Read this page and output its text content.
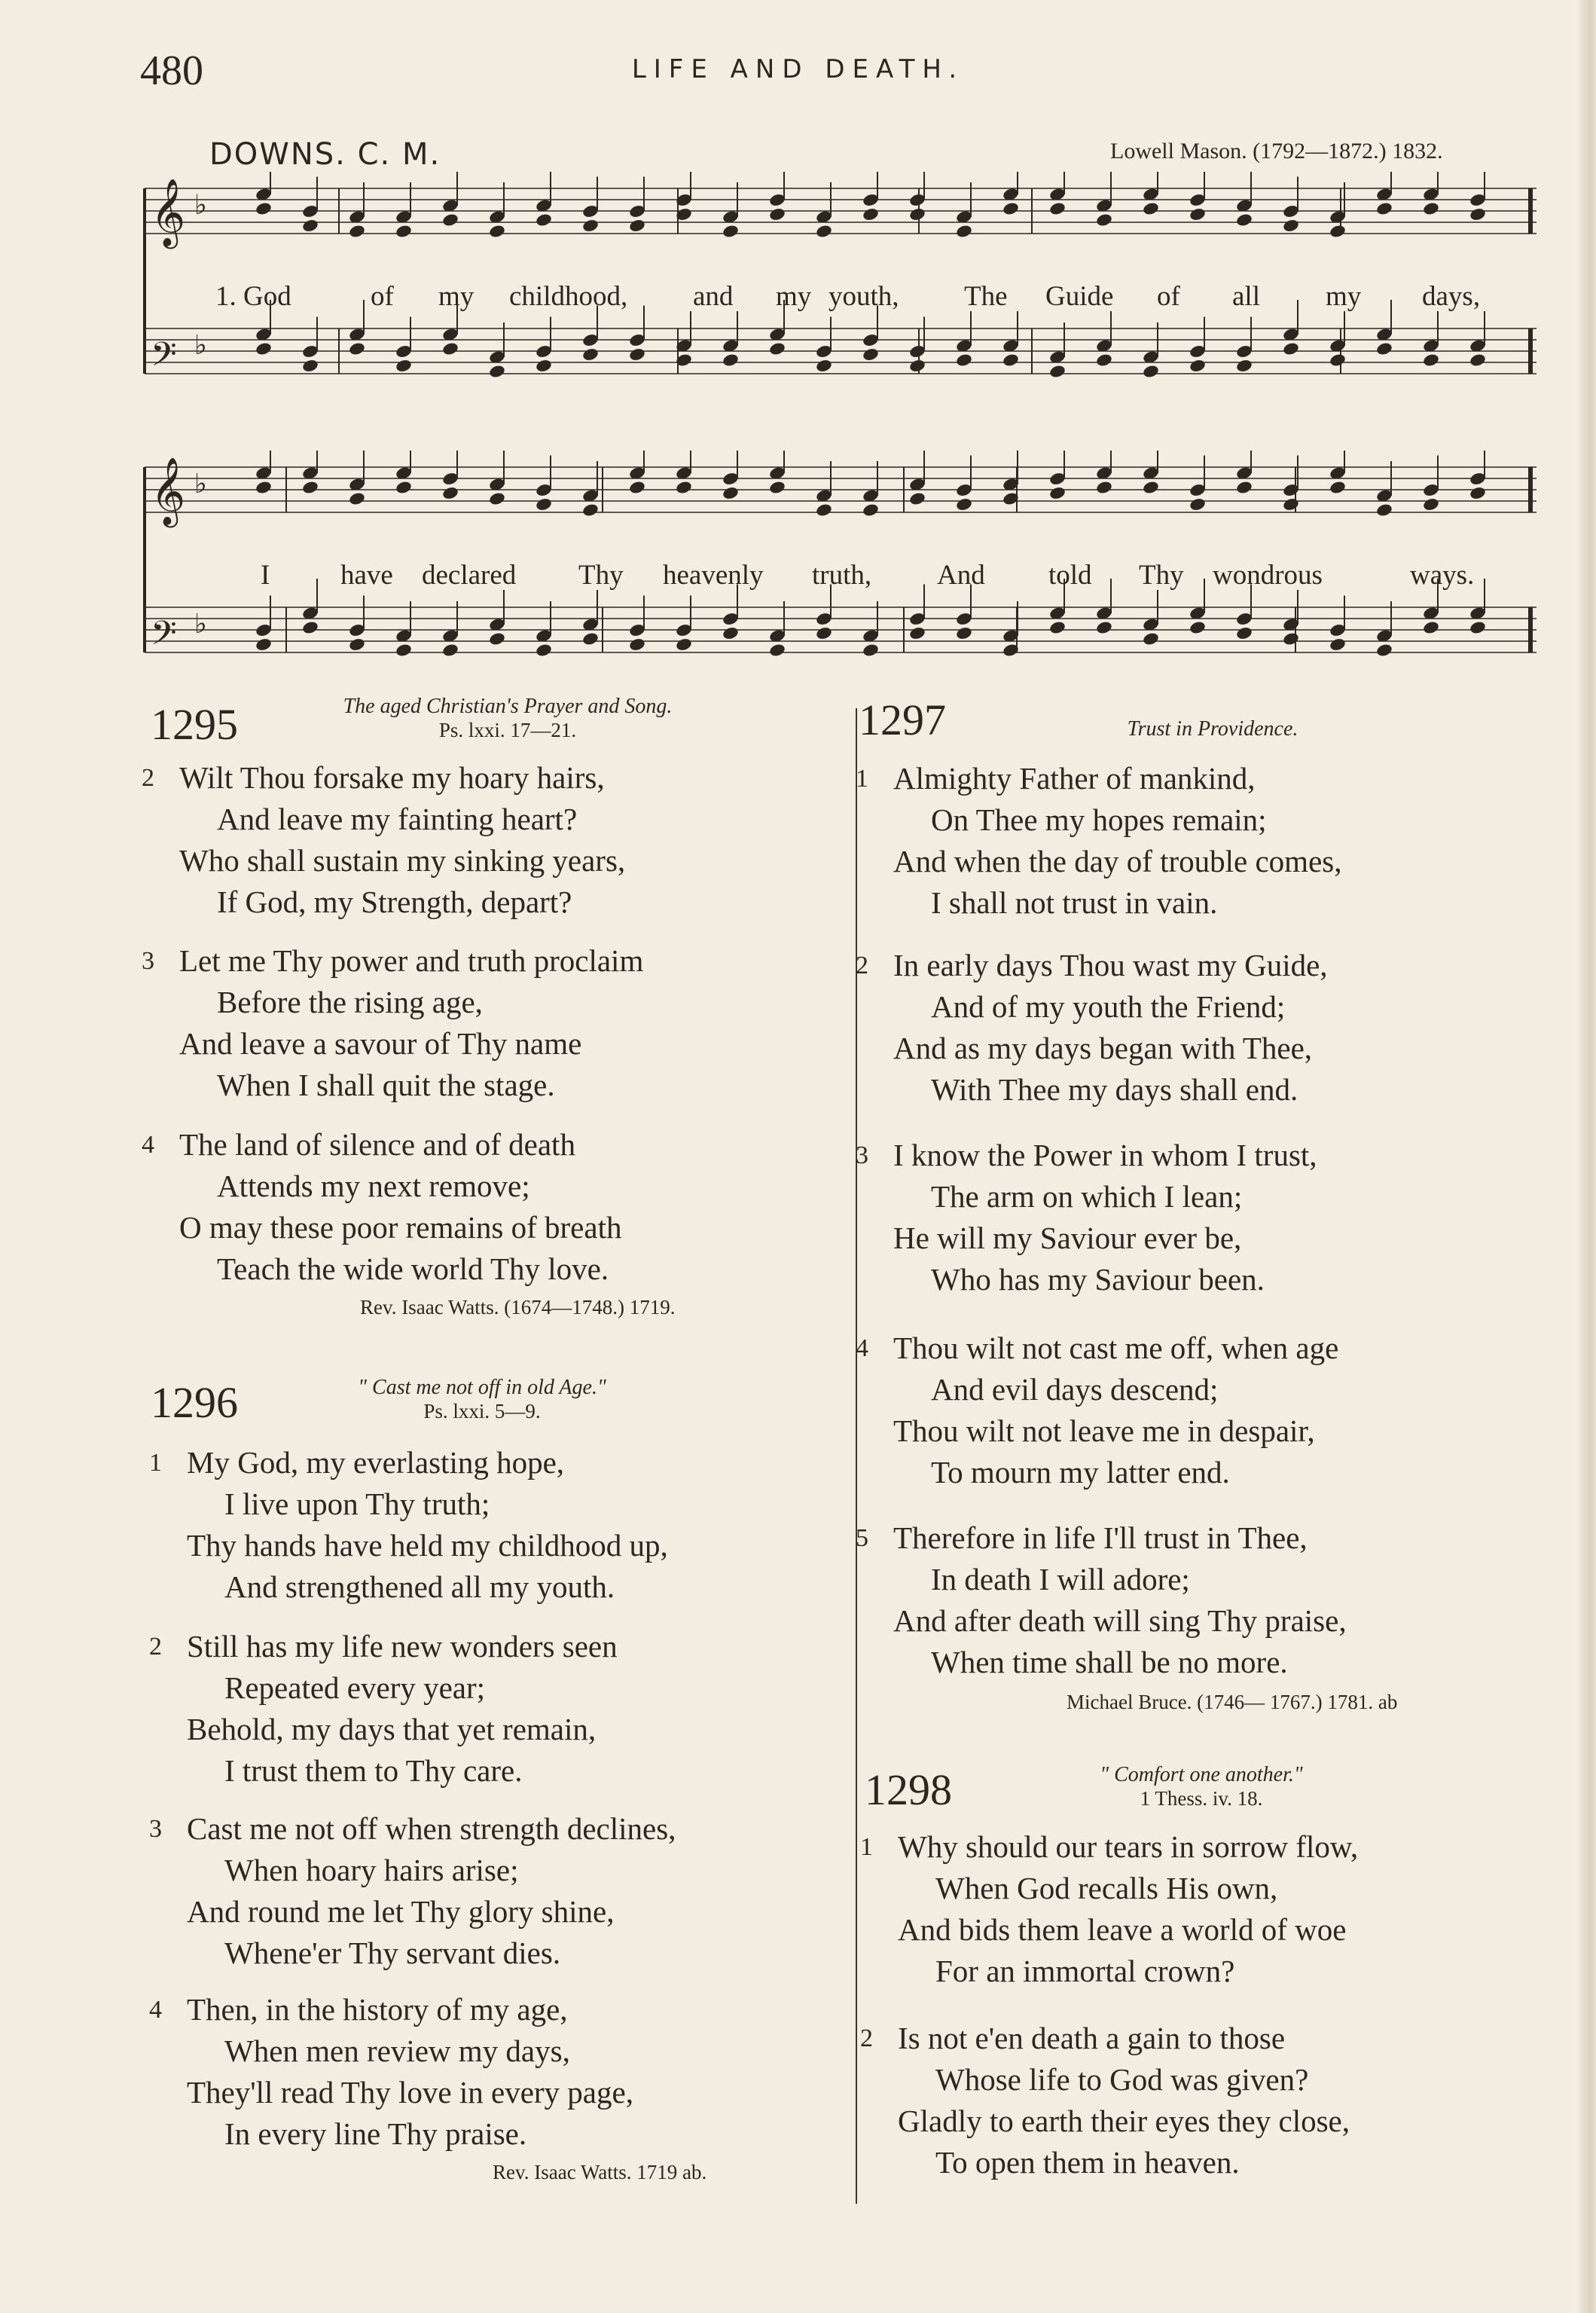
480	LIFE AND DEATH.
DOWNS. C. M.	Lowell Mason. (1792—1872.) 1832.
𝄞 ♭
𝄢 ♭
1. God	of my childhood, and my youth, The Guide of all my days,
𝄞 ♭
𝄢 ♭
I	have declared Thy heavenly truth, And told Thy wondrous	ways.
1295	The aged Christian's Prayer and Song.
Ps. lxxi. 17—21.
2 Wilt Thou forsake my hoary hairs,
And leave my fainting heart?
Who shall sustain my sinking years,
If God, my Strength, depart?
3 Let me Thy power and truth proclaim
Before the rising age,
And leave a savour of Thy name
When I shall quit the stage.
4 The land of silence and of death
Attends my next remove;
O may these poor remains of breath
Teach the wide world Thy love.
Rev. Isaac Watts. (1674—1748.) 1719.
1296	" Cast me not off in old Age."
Ps. lxxi. 5—9.
1 My God, my everlasting hope,
I live upon Thy truth;
Thy hands have held my childhood up,
And strengthened all my youth.
2 Still has my life new wonders seen
Repeated every year;
Behold, my days that yet remain,
I trust them to Thy care.
3 Cast me not off when strength declines,
When hoary hairs arise;
And round me let Thy glory shine,
Whene'er Thy servant dies.
4 Then, in the history of my age,
When men review my days,
They'll read Thy love in every page,
In every line Thy praise.
Rev. Isaac Watts. 1719 ab.
1297	Trust in Providence.
1 Almighty Father of mankind,
On Thee my hopes remain;
And when the day of trouble comes,
I shall not trust in vain.
2 In early days Thou wast my Guide,
And of my youth the Friend;
And as my days began with Thee,
With Thee my days shall end.
3 I know the Power in whom I trust,
The arm on which I lean;
He will my Saviour ever be,
Who has my Saviour been.
4 Thou wilt not cast me off, when age
And evil days descend;
Thou wilt not leave me in despair,
To mourn my latter end.
5 Therefore in life I'll trust in Thee,
In death I will adore;
And after death will sing Thy praise,
When time shall be no more.
Michael Bruce. (1746— 1767.) 1781. ab
1298	" Comfort one another."
1 Thess. iv. 18.
1 Why should our tears in sorrow flow,
When God recalls His own,
And bids them leave a world of woe
For an immortal crown?
2 Is not e'en death a gain to those
Whose life to God was given?
Gladly to earth their eyes they close,
To open them in heaven.
